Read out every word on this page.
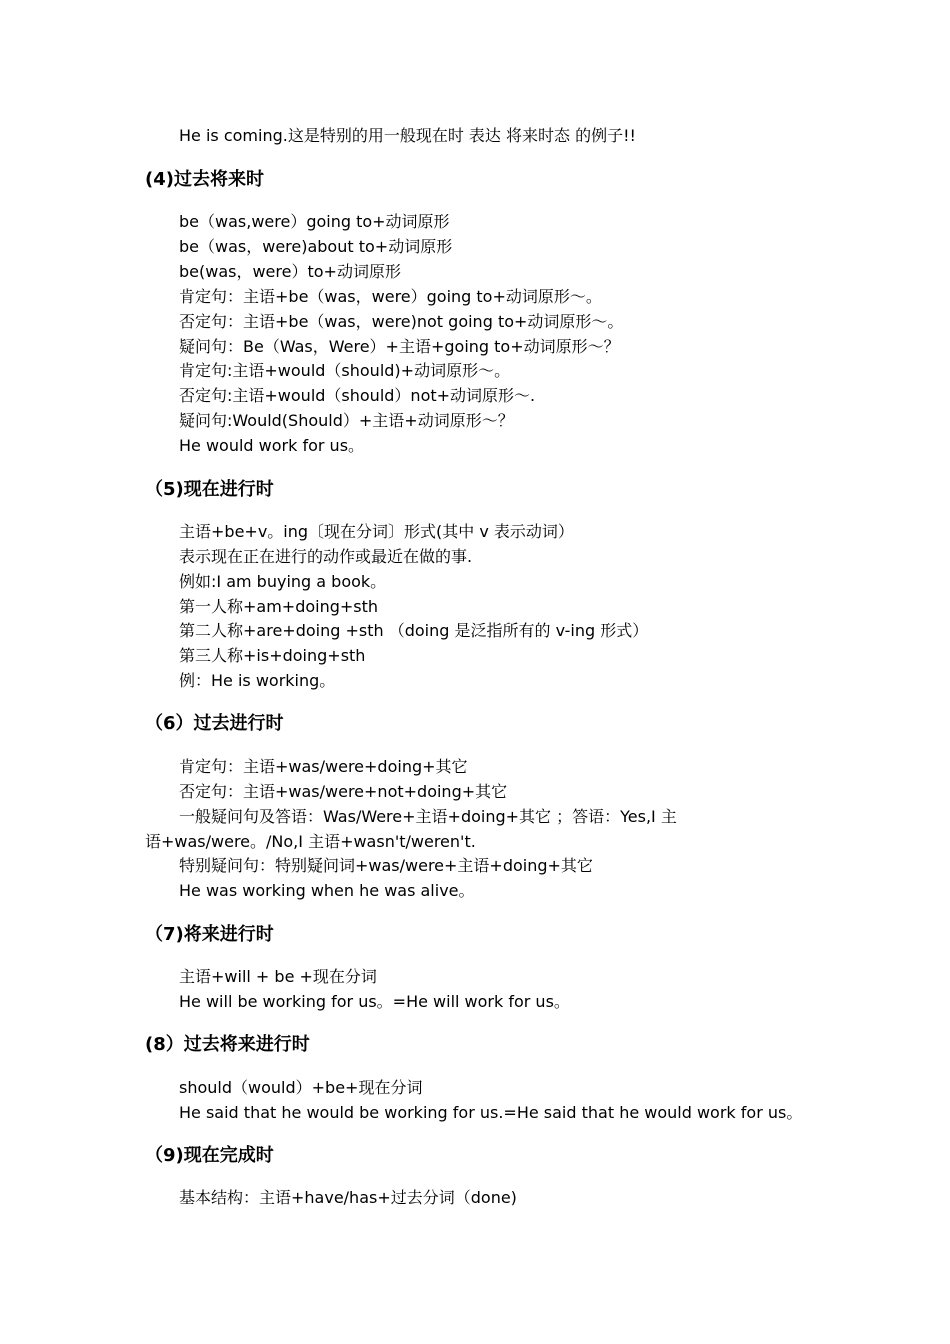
He is coming.这是特别的用一般现在时 表达 将来时态 的例子!!
(4)过去将来时
be（was,were）going to+动词原形
be（was，were)about to+动词原形
be(was，were）to+动词原形
肯定句：主语+be（was，were）going to+动词原形～。
否定句：主语+be（was，were)not going to+动词原形～。
疑问句：Be（Was，Were）+主语+going to+动词原形～？
肯定句:主语+would（should)+动词原形～。
否定句:主语+would（should）not+动词原形～.
疑问句:Would(Should）+主语+动词原形～？
He would work for us。
（5)现在进行时
主语+be+v。ing〔现在分词〕形式(其中 v 表示动词）
表示现在正在进行的动作或最近在做的事.
例如:I am buying a book。
第一人称+am+doing+sth
第二人称+are+doing +sth （doing 是泛指所有的 v-ing 形式）
第三人称+is+doing+sth
例：He is working。
（6）过去进行时
肯定句：主语+was/were+doing+其它
否定句：主语+was/were+not+doing+其它
一般疑问句及答语：Was/Were+主语+doing+其它 ；答语：Yes,I 主
语+was/were。/No,I 主语+wasn't/weren't.
特别疑问句：特别疑问词+was/were+主语+doing+其它
He was working when he was alive。
（7)将来进行时
主语+will + be +现在分词
He will be working for us。=He will work for us。
(8）过去将来进行时
should（would）+be+现在分词
He said that he would be working for us.=He said that he would work for us。
（9)现在完成时
基本结构：主语+have/has+过去分词（done)
